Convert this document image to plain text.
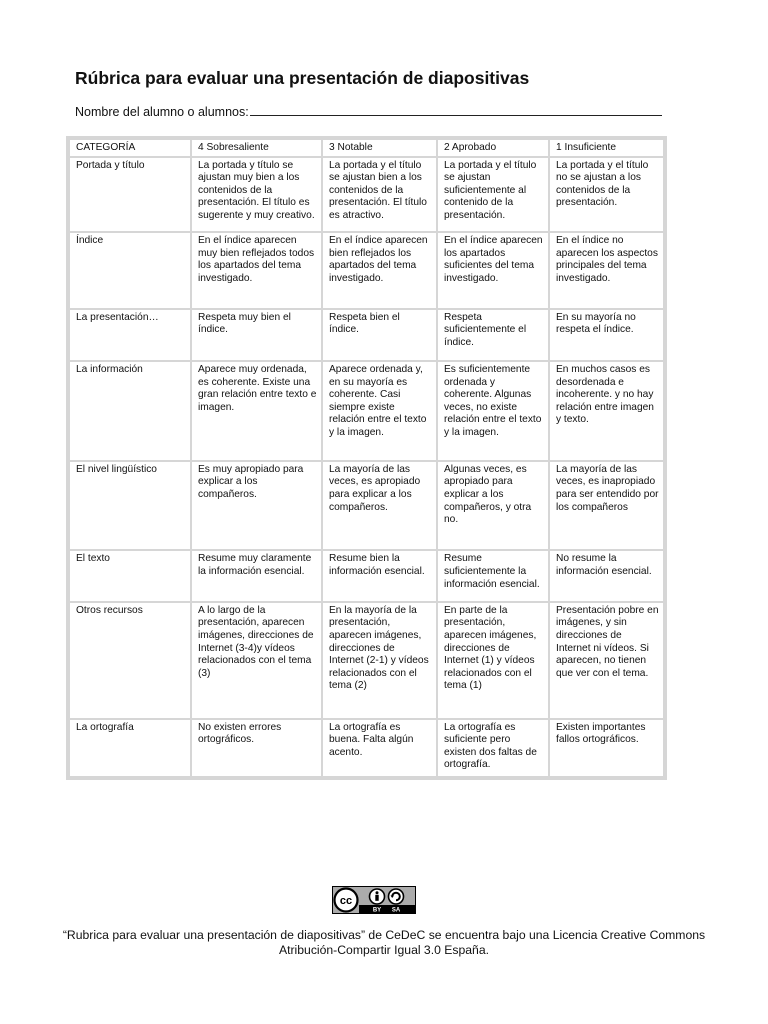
Rúbrica para evaluar una presentación de diapositivas
Nombre del alumno o alumnos:
CATEGORÍA	4 Sobresaliente	3 Notable	2 Aprobado	1 Insuficiente
Portada y título	La portada y título se ajustan muy bien a los contenidos de la presentación. El título es sugerente y muy creativo.	La portada y el título se ajustan bien a los contenidos de la presentación. El título es atractivo.	La portada y el título se ajustan suficientemente al contenido de la presentación.	La portada y el título no se ajustan a los contenidos de la presentación.
Índice	En el índice aparecen muy bien reflejados todos los apartados del tema investigado.	En el índice aparecen bien reflejados los apartados del tema investigado.	En el índice aparecen los apartados suficientes del tema investigado.	En el índice no aparecen los aspectos principales del tema investigado.
La presentación…	Respeta muy bien el índice.	Respeta bien el índice.	Respeta suficientemente el índice.	En su mayoría no respeta el índice.
La información	Aparece muy ordenada, es coherente. Existe una gran relación entre texto e imagen.	Aparece ordenada y, en su mayoría es coherente. Casi siempre existe relación entre el texto y la imagen.	Es suficientemente ordenada y coherente. Algunas veces, no existe relación entre el texto y la imagen.	En muchos casos es desordenada e incoherente. y no hay relación entre imagen y texto.
El nivel lingüístico	Es muy apropiado para explicar a los compañeros.	La mayoría de las veces, es apropiado para explicar a los compañeros.	Algunas veces, es apropiado para explicar a los compañeros, y otra no.	La mayoría de las veces, es inapropiado para ser entendido por los compañeros
El texto	Resume muy claramente la información esencial.	Resume bien la información esencial.	Resume suficientemente la información esencial.	No resume la información esencial.
Otros recursos	A lo largo de la presentación, aparecen imágenes, direcciones de Internet (3-4)y vídeos relacionados con el tema (3)	En la mayoría de la presentación, aparecen imágenes, direcciones de Internet (2-1) y vídeos relacionados con el tema (2)	En parte de la presentación, aparecen imágenes, direcciones de Internet (1) y vídeos relacionados con el tema (1)	Presentación pobre en imágenes, y sin direcciones de Internet ni vídeos. Si aparecen, no tienen que ver con el tema.
La ortografía	No existen errores ortográficos.	La ortografía es buena. Falta algún acento.	La ortografía es suficiente pero existen dos faltas de ortografía.	Existen importantes fallos ortográficos.
cc
BY SA
“Rubrica para evaluar una presentación de diapositivas” de CeDeC se encuentra bajo una Licencia Creative Commons Atribución-Compartir Igual 3.0 España.
